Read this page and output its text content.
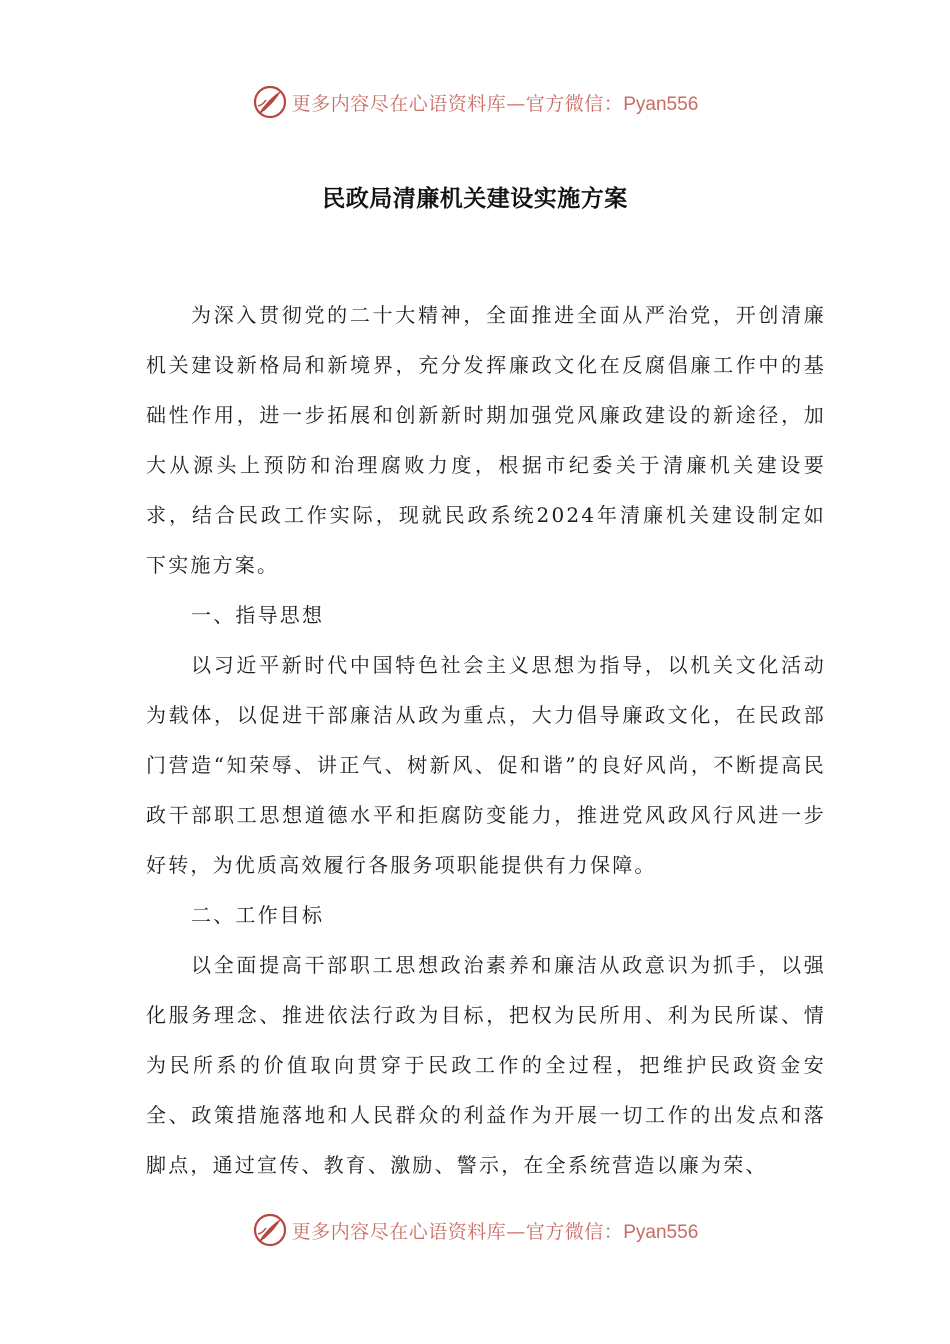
更多内容尽在心语资料库—官方微信：Pyan556
民政局清廉机关建设实施方案

为深入贯彻党的二十大精神，全面推进全面从严治党，开创清廉机关建设新格局和新境界，充分发挥廉政文化在反腐倡廉工作中的基础性作用，进一步拓展和创新新时期加强党风廉政建设的新途径，加大从源头上预防和治理腐败力度，根据市纪委关于清廉机关建设要求，结合民政工作实际，现就民政系统2024年清廉机关建设制定如下实施方案。

一、指导思想

以习近平新时代中国特色社会主义思想为指导，以机关文化活动为载体，以促进干部廉洁从政为重点，大力倡导廉政文化，在民政部门营造“知荣辱、讲正气、树新风、促和谐”的良好风尚，不断提高民政干部职工思想道德水平和拒腐防变能力，推进党风政风行风进一步好转，为优质高效履行各服务项职能提供有力保障。

二、工作目标

以全面提高干部职工思想政治素养和廉洁从政意识为抓手，以强化服务理念、推进依法行政为目标，把权为民所用、利为民所谋、情为民所系的价值取向贯穿于民政工作的全过程，把维护民政资金安全、政策措施落地和人民群众的利益作为开展一切工作的出发点和落脚点，通过宣传、教育、激励、警示，在全系统营造以廉为荣、

更多内容尽在心语资料库—官方微信：Pyan556
